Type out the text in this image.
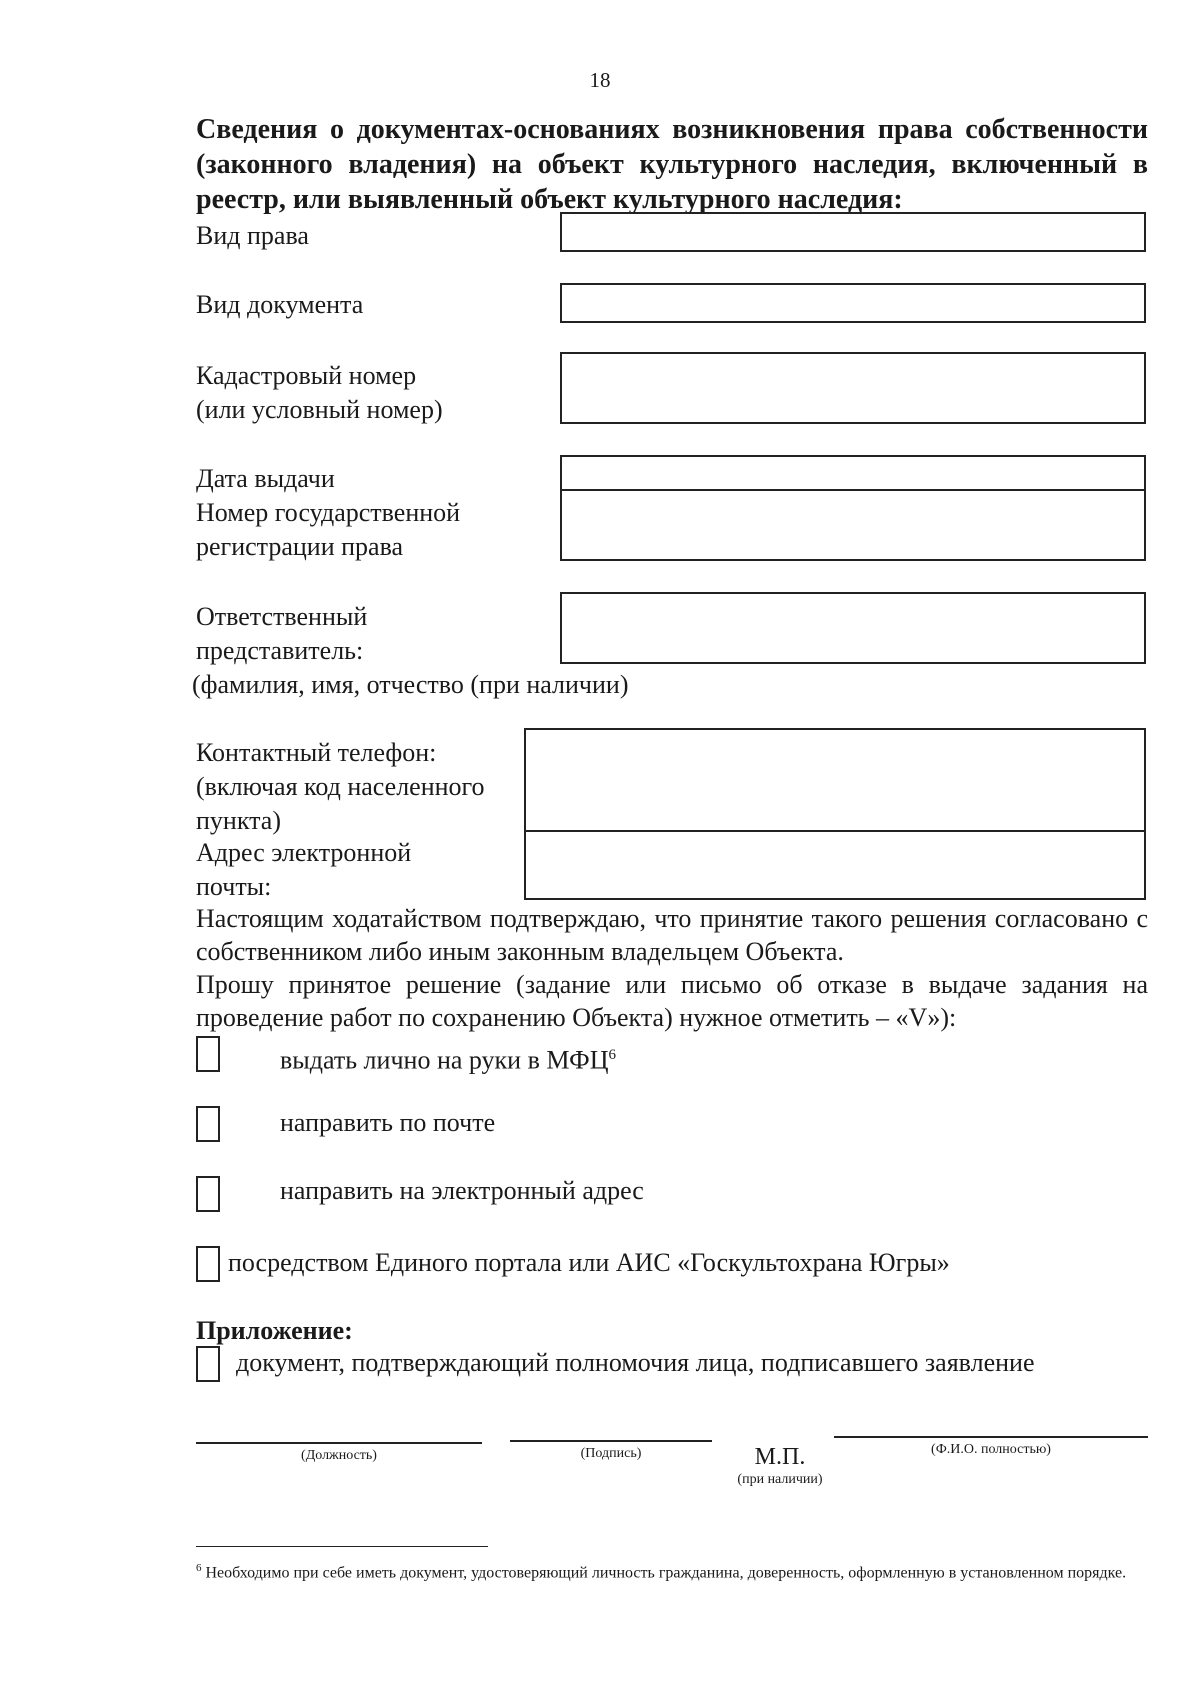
18
Сведения о документах-основаниях возникновения права собственности (законного владения) на объект культурного наследия, включенный в реестр, или выявленный объект культурного наследия:
Вид права
Вид документа
Кадастровый номер
(или условный номер)
Дата выдачи
Номер государственной
регистрации права
Ответственный
представитель:
(фамилия, имя, отчество (при наличии)
Контактный телефон:
(включая код населенного
пункта)
Адрес электронной
почты:
Настоящим ходатайством подтверждаю, что принятие такого решения согласовано с собственником либо иным законным владельцем Объекта.
Прошу принятое решение (задание или письмо об отказе в выдаче задания на проведение работ по сохранению Объекта) нужное отметить – «V»):
выдать лично на руки в МФЦ$^6$
направить по почте
направить на электронный адрес
посредством Единого портала или АИС «Госкультохрана Югры»
Приложение:
документ, подтверждающий полномочия лица, подписавшего заявление
(Должность)	(Подпись)	М.П.
(при наличии)
(Ф.И.О. полностью)
$^6$ Необходимо при себе иметь документ, удостоверяющий личность гражданина, доверенность, оформленную в установленном порядке.
